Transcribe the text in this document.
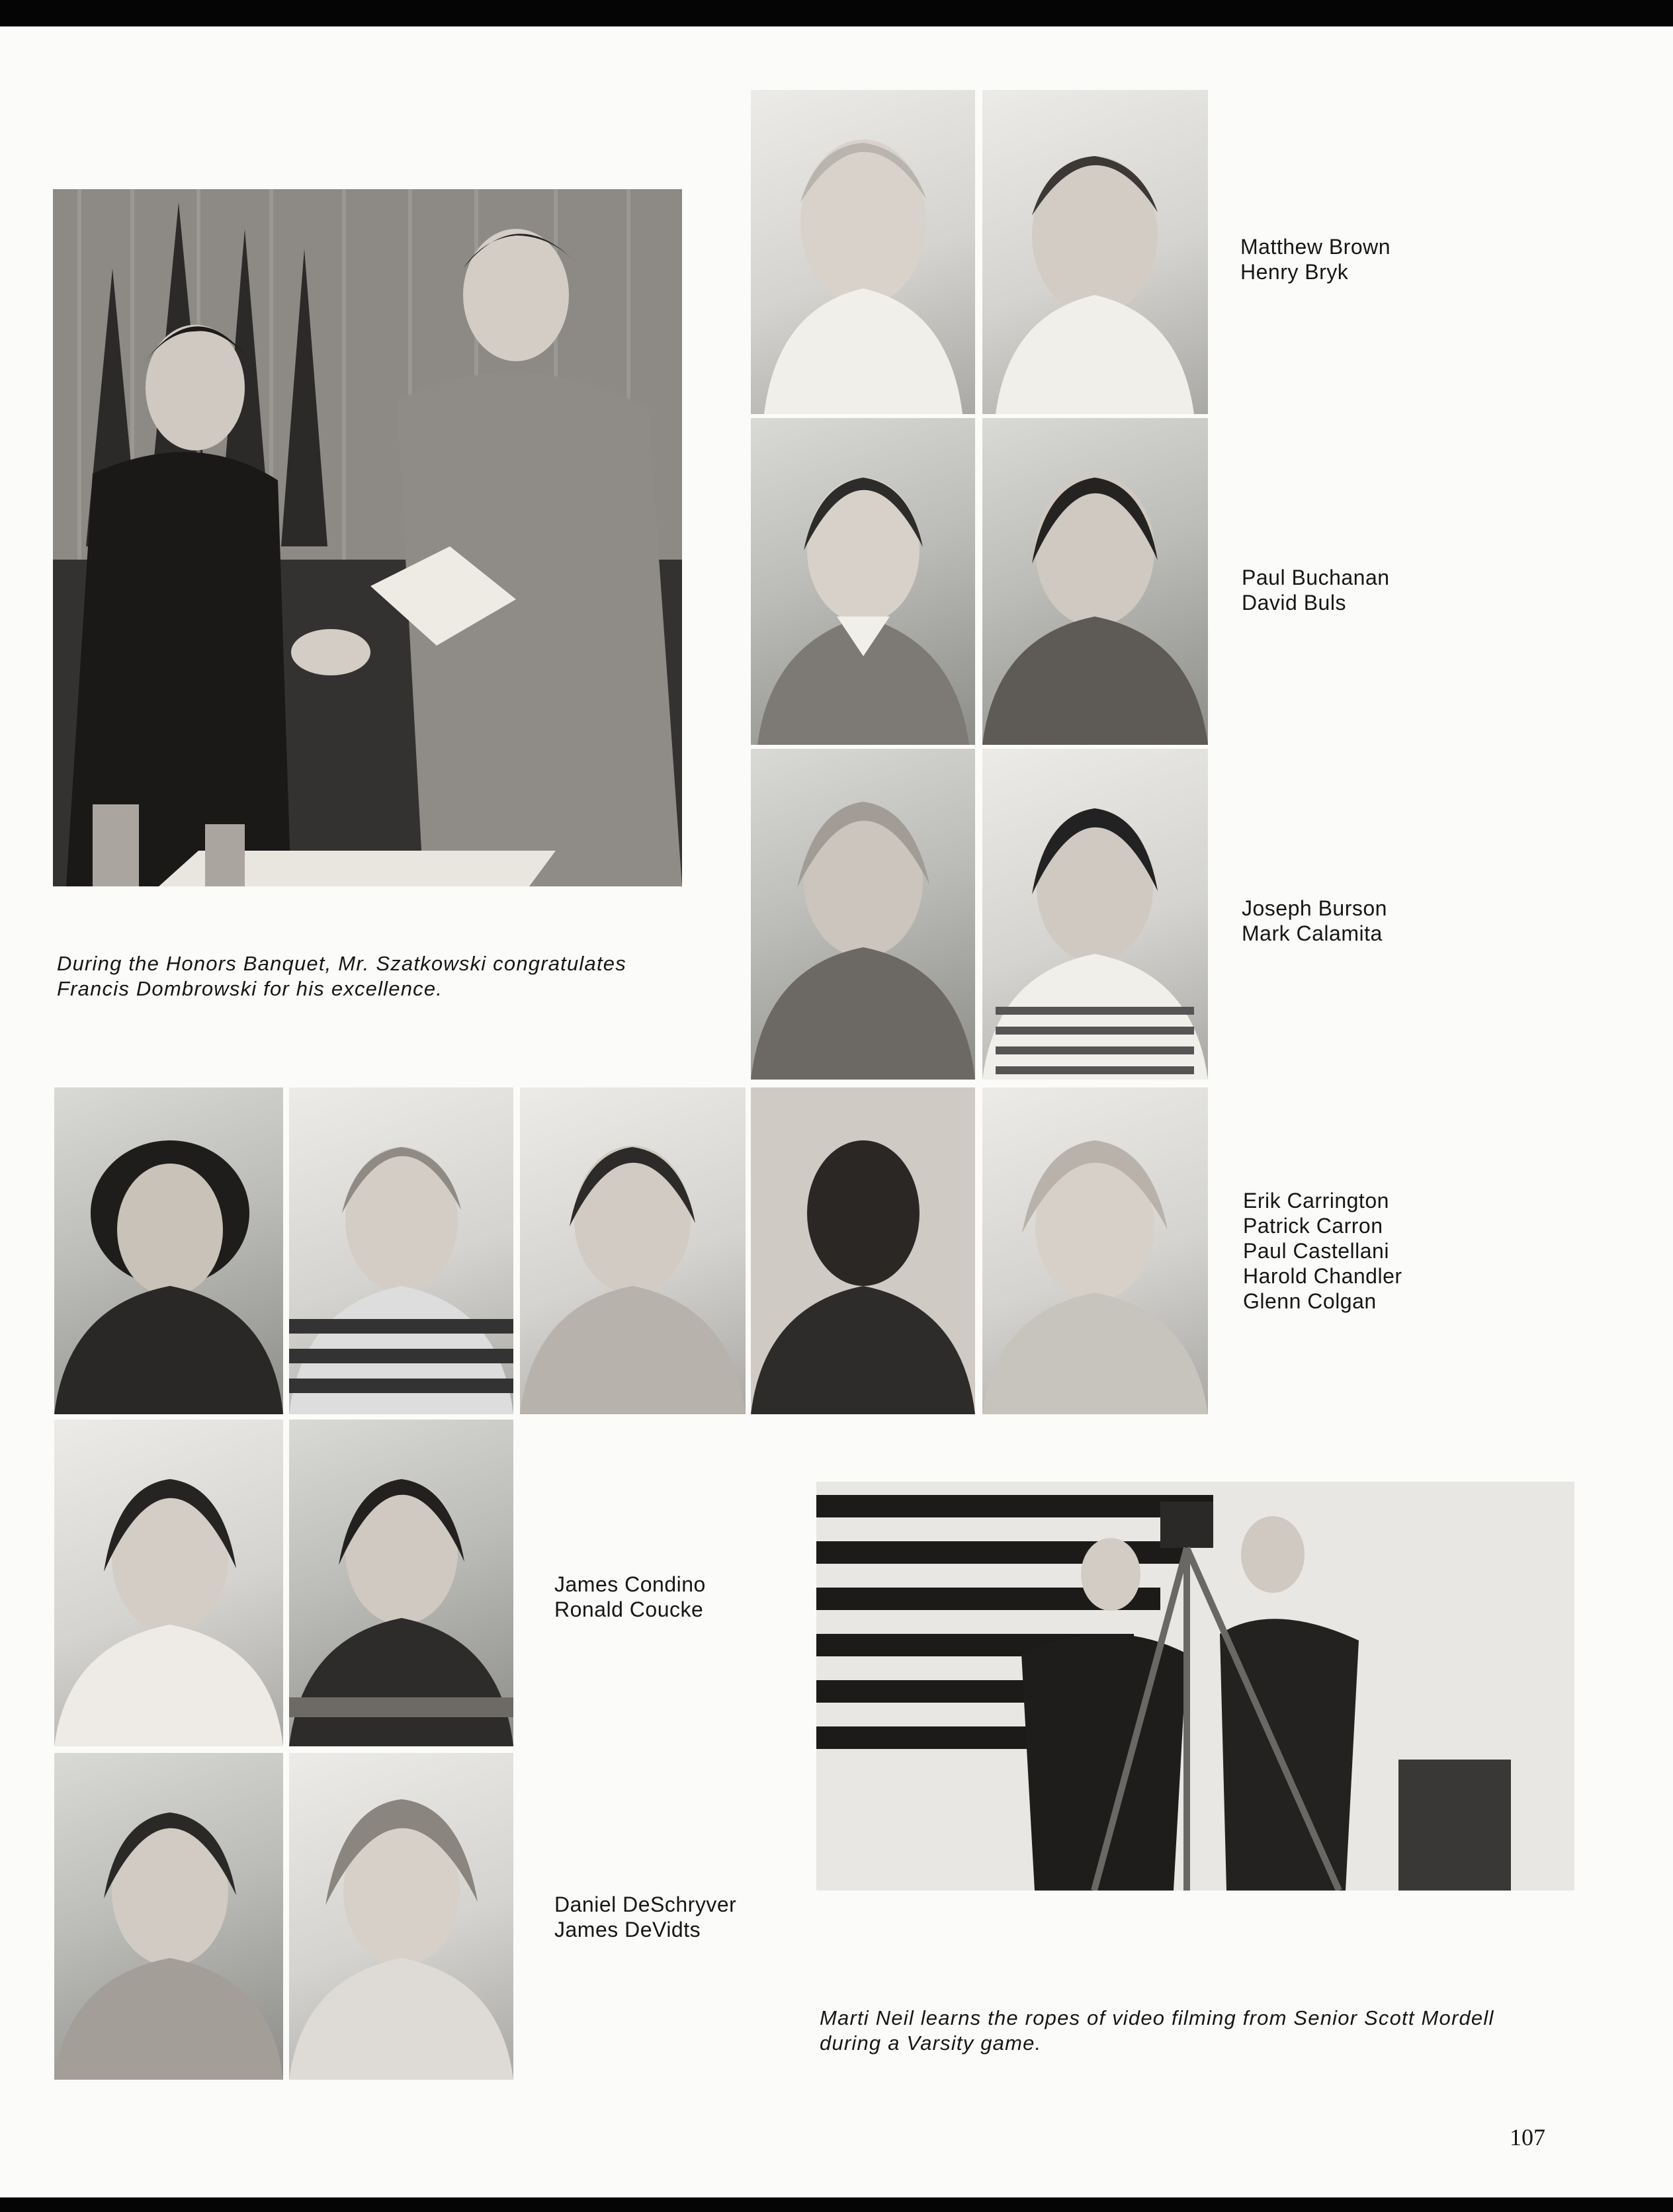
During the Honors Banquet, Mr. Szatkowski congratulates
Francis Dombrowski for his excellence.
Matthew Brown
Henry Bryk
Paul Buchanan
David Buls
Joseph Burson
Mark Calamita
Erik Carrington
Patrick Carron
Paul Castellani
Harold Chandler
Glenn Colgan
James Condino
Ronald Coucke
Daniel DeSchryver
James DeVidts
Marti Neil learns the ropes of video filming from Senior Scott Mordell
during a Varsity game.
107
